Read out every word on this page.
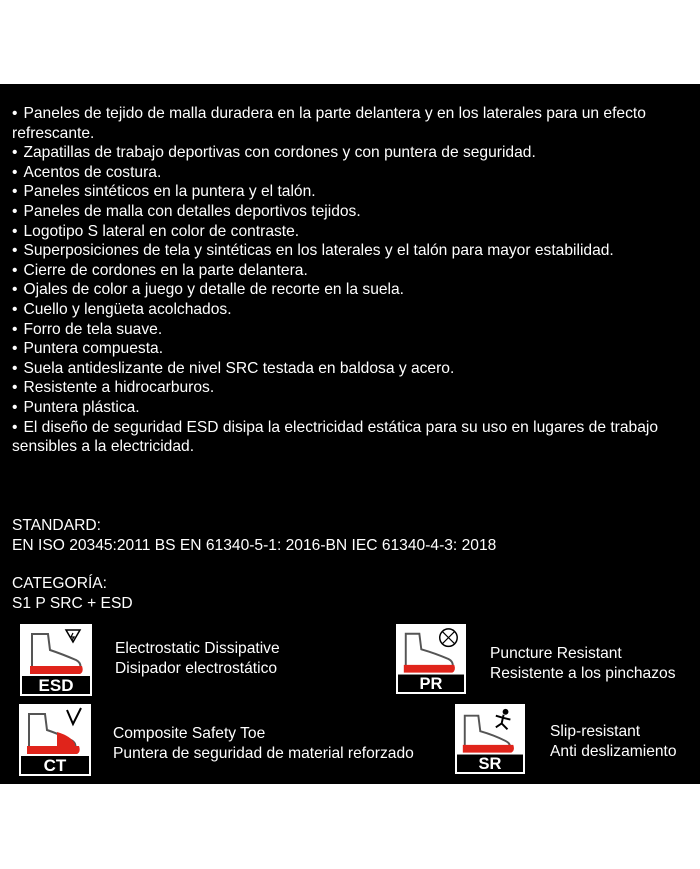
• Paneles de tejido de malla duradera en la parte delantera y en los laterales para un efecto refrescante.
• Zapatillas de trabajo deportivas con cordones y con puntera de seguridad.
• Acentos de costura.
• Paneles sintéticos en la puntera y el talón.
• Paneles de malla con detalles deportivos tejidos.
• Logotipo S lateral en color de contraste.
• Superposiciones de tela y sintéticas en los laterales y el talón para mayor estabilidad.
• Cierre de cordones en la parte delantera.
• Ojales de color a juego y detalle de recorte en la suela.
• Cuello y lengüeta acolchados.
• Forro de tela suave.
• Puntera compuesta.
• Suela antideslizante de nivel SRC testada en baldosa y acero.
• Resistente a hidrocarburos.
• Puntera plástica.
• El diseño de seguridad ESD disipa la electricidad estática para su uso en lugares de trabajo sensibles a la electricidad.
STANDARD:
EN ISO 20345:2011 BS EN 61340-5-1: 2016-BN IEC 61340-4-3: 2018
CATEGORÍA:
S1 P SRC + ESD
ESD
Electrostatic Dissipative
Disipador electrostático
PR
Puncture Resistant
Resistente a los pinchazos
CT
Composite Safety Toe
Puntera de seguridad de material reforzado
SR
Slip-resistant
Anti deslizamiento
